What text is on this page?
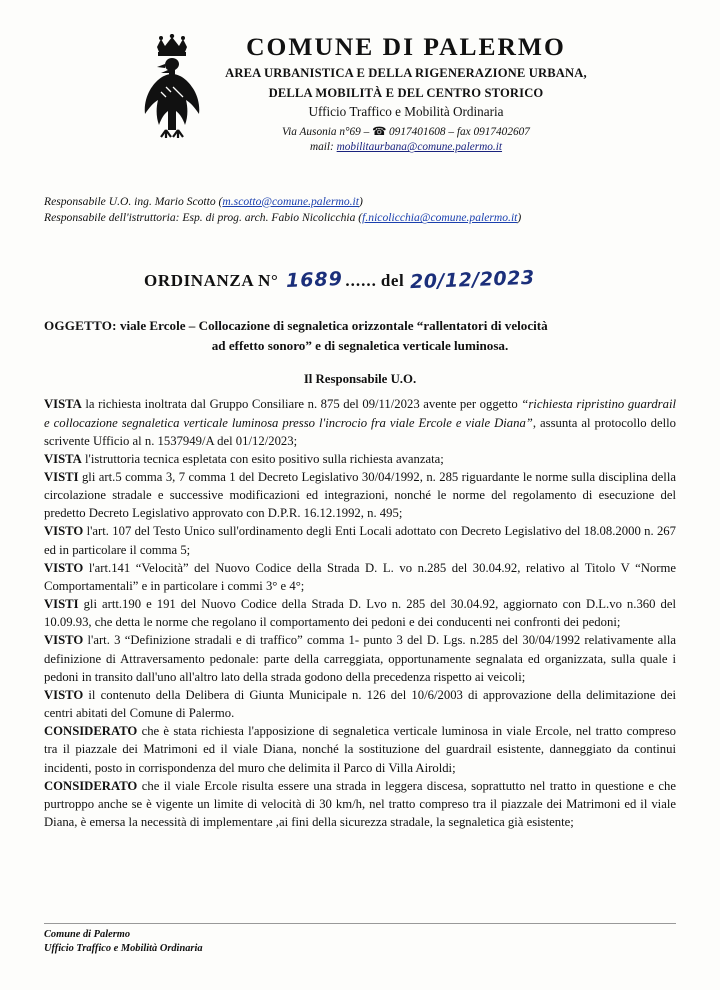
COMUNE DI PALERMO
AREA URBANISTICA E DELLA RIGENERAZIONE URBANA,
DELLA MOBILITÀ E DEL CENTRO STORICO
Ufficio Traffico e Mobilità Ordinaria
Via Ausonia n°69 – ☎ 0917401608 – fax 0917402607
mail: mobilitaurbana@comune.palermo.it
Responsabile U.O. ing. Mario Scotto (m.scotto@comune.palermo.it)
Responsabile dell'istruttoria: Esp. di prog. arch. Fabio Nicolicchia (f.nicolicchia@comune.palermo.it)
ORDINANZA N° 1689 ...... del 20/12/2023
OGGETTO: viale Ercole – Collocazione di segnaletica orizzontale “rallentatori di velocità
ad effetto sonoro” e di segnaletica verticale luminosa.
Il Responsabile U.O.

VISTA la richiesta inoltrata dal Gruppo Consiliare n. 875 del 09/11/2023 avente per oggetto “richiesta ripristino guardrail e collocazione segnaletica verticale luminosa presso l'incrocio fra viale Ercole e viale Diana”, assunta al protocollo dello scrivente Ufficio al n. 1537949/A del 01/12/2023;

VISTA l'istruttoria tecnica espletata con esito positivo sulla richiesta avanzata;

VISTI gli art.5 comma 3, 7 comma 1 del Decreto Legislativo 30/04/1992, n. 285 riguardante le norme sulla disciplina della circolazione stradale e successive modificazioni ed integrazioni, nonché le norme del regolamento di esecuzione del predetto Decreto Legislativo approvato con D.P.R. 16.12.1992, n. 495;

VISTO l'art. 107 del Testo Unico sull'ordinamento degli Enti Locali adottato con Decreto Legislativo del 18.08.2000 n. 267 ed in particolare il comma 5;

VISTO l'art.141 “Velocità” del Nuovo Codice della Strada D. L. vo n.285 del 30.04.92, relativo al Titolo V “Norme Comportamentali” e in particolare i commi 3° e 4°;

VISTI gli artt.190 e 191 del Nuovo Codice della Strada D. Lvo n. 285 del 30.04.92, aggiornato con D.L.vo n.360 del 10.09.93, che detta le norme che regolano il comportamento dei pedoni e dei conducenti nei confronti dei pedoni;

VISTO l'art. 3 “Definizione stradali e di traffico” comma 1- punto 3 del D. Lgs. n.285 del 30/04/1992 relativamente alla definizione di Attraversamento pedonale: parte della carreggiata, opportunamente segnalata ed organizzata, sulla quale i pedoni in transito dall'uno all'altro lato della strada godono della precedenza rispetto ai veicoli;

VISTO il contenuto della Delibera di Giunta Municipale n. 126 del 10/6/2003 di approvazione della delimitazione dei centri abitati del Comune di Palermo.

CONSIDERATO che è stata richiesta l'apposizione di segnaletica verticale luminosa in viale Ercole, nel tratto compreso tra il piazzale dei Matrimoni ed il viale Diana, nonché la sostituzione del guardrail esistente, danneggiato da continui incidenti, posto in corrispondenza del muro che delimita il Parco di Villa Airoldi;

CONSIDERATO che il viale Ercole risulta essere una strada in leggera discesa, soprattutto nel tratto in questione e che purtroppo anche se è vigente un limite di velocità di 30 km/h, nel tratto compreso tra il piazzale dei Matrimoni ed il viale Diana, è emersa la necessità di implementare ,ai fini della sicurezza stradale, la segnaletica già esistente;

Comune di Palermo
Ufficio Traffico e Mobilità Ordinaria
